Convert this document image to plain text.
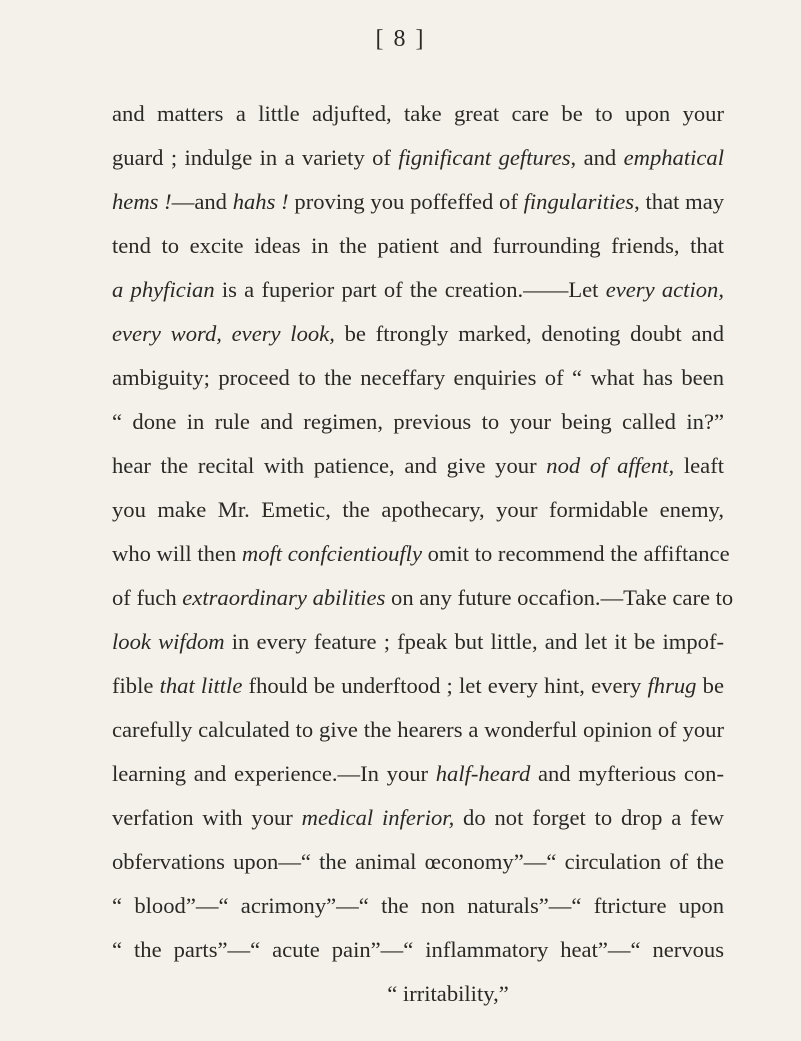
[ 8 ]
and matters a little adjufted, take great care be to upon your
guard ; indulge in a variety of fignificant geftures, and emphatical
hems !—and hahs ! proving you poffeffed of fingularities, that may
tend to excite ideas in the patient and furrounding friends, that
a phyfician is a fuperior part of the creation.——Let every action,
every word, every look, be ftrongly marked, denoting doubt and
ambiguity; proceed to the neceffary enquiries of “ what has been
“ done in rule and regimen, previous to your being called in?”
hear the recital with patience, and give your nod of affent, leaft
you make Mr. Emetic, the apothecary, your formidable enemy,
who will then moft confcientioufly omit to recommend the affiftance
of fuch extraordinary abilities on any future occafion.—Take care to
look wifdom in every feature ; fpeak but little, and let it be impof-
fible that little fhould be underftood ; let every hint, every fhrug be
carefully calculated to give the hearers a wonderful opinion of your
learning and experience.—In your half-heard and myfterious con-
verfation with your medical inferior, do not forget to drop a few
obfervations upon—“ the animal œconomy”—“ circulation of the
“ blood”—“ acrimony”—“ the non naturals”—“ ftricture upon
“ the parts”—“ acute pain”—“ inflammatory heat”—“ nervous
“ irritability,”
